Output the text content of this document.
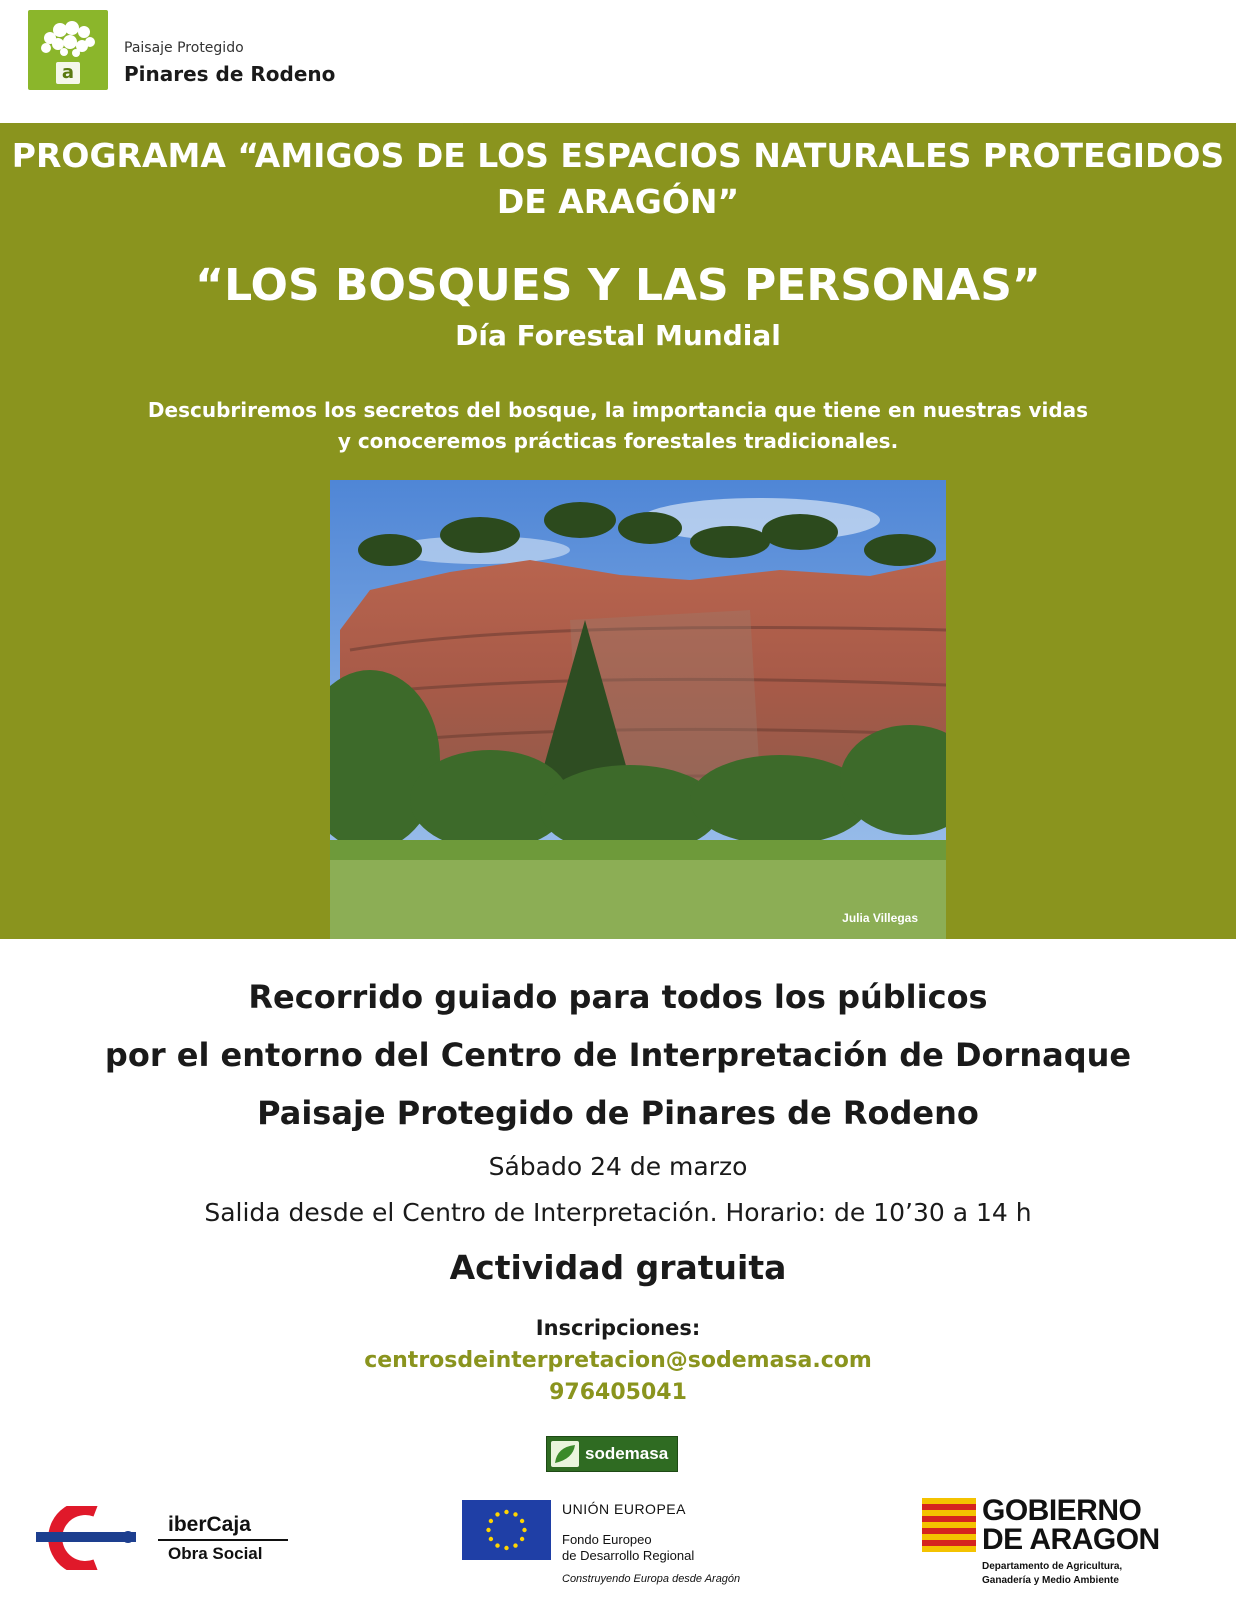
a
Paisaje Protegido
Pinares de Rodeno
PROGRAMA “AMIGOS DE LOS ESPACIOS NATURALES PROTEGIDOS
DE ARAGÓN”
“LOS BOSQUES Y LAS PERSONAS”
Día Forestal Mundial
Descubriremos los secretos del bosque, la importancia que tiene en nuestras vidas
y conoceremos prácticas forestales tradicionales.
Julia Villegas
Recorrido guiado para todos los públicos
por el entorno del Centro de Interpretación de Dornaque
Paisaje Protegido de Pinares de Rodeno
Sábado 24 de marzo
Salida desde el Centro de Interpretación. Horario: de 10’30 a 14 h
Actividad gratuita
Inscripciones:
centrosdeinterpretacion@sodemasa.com
976405041
sodemasa
iberCaja
Obra Social
UNIÓN EUROPEA
Fondo Europeo
de Desarrollo Regional
Construyendo Europa desde Aragón
GOBIERNO
DE ARAGON
Departamento de Agricultura,
Ganadería y Medio Ambiente
